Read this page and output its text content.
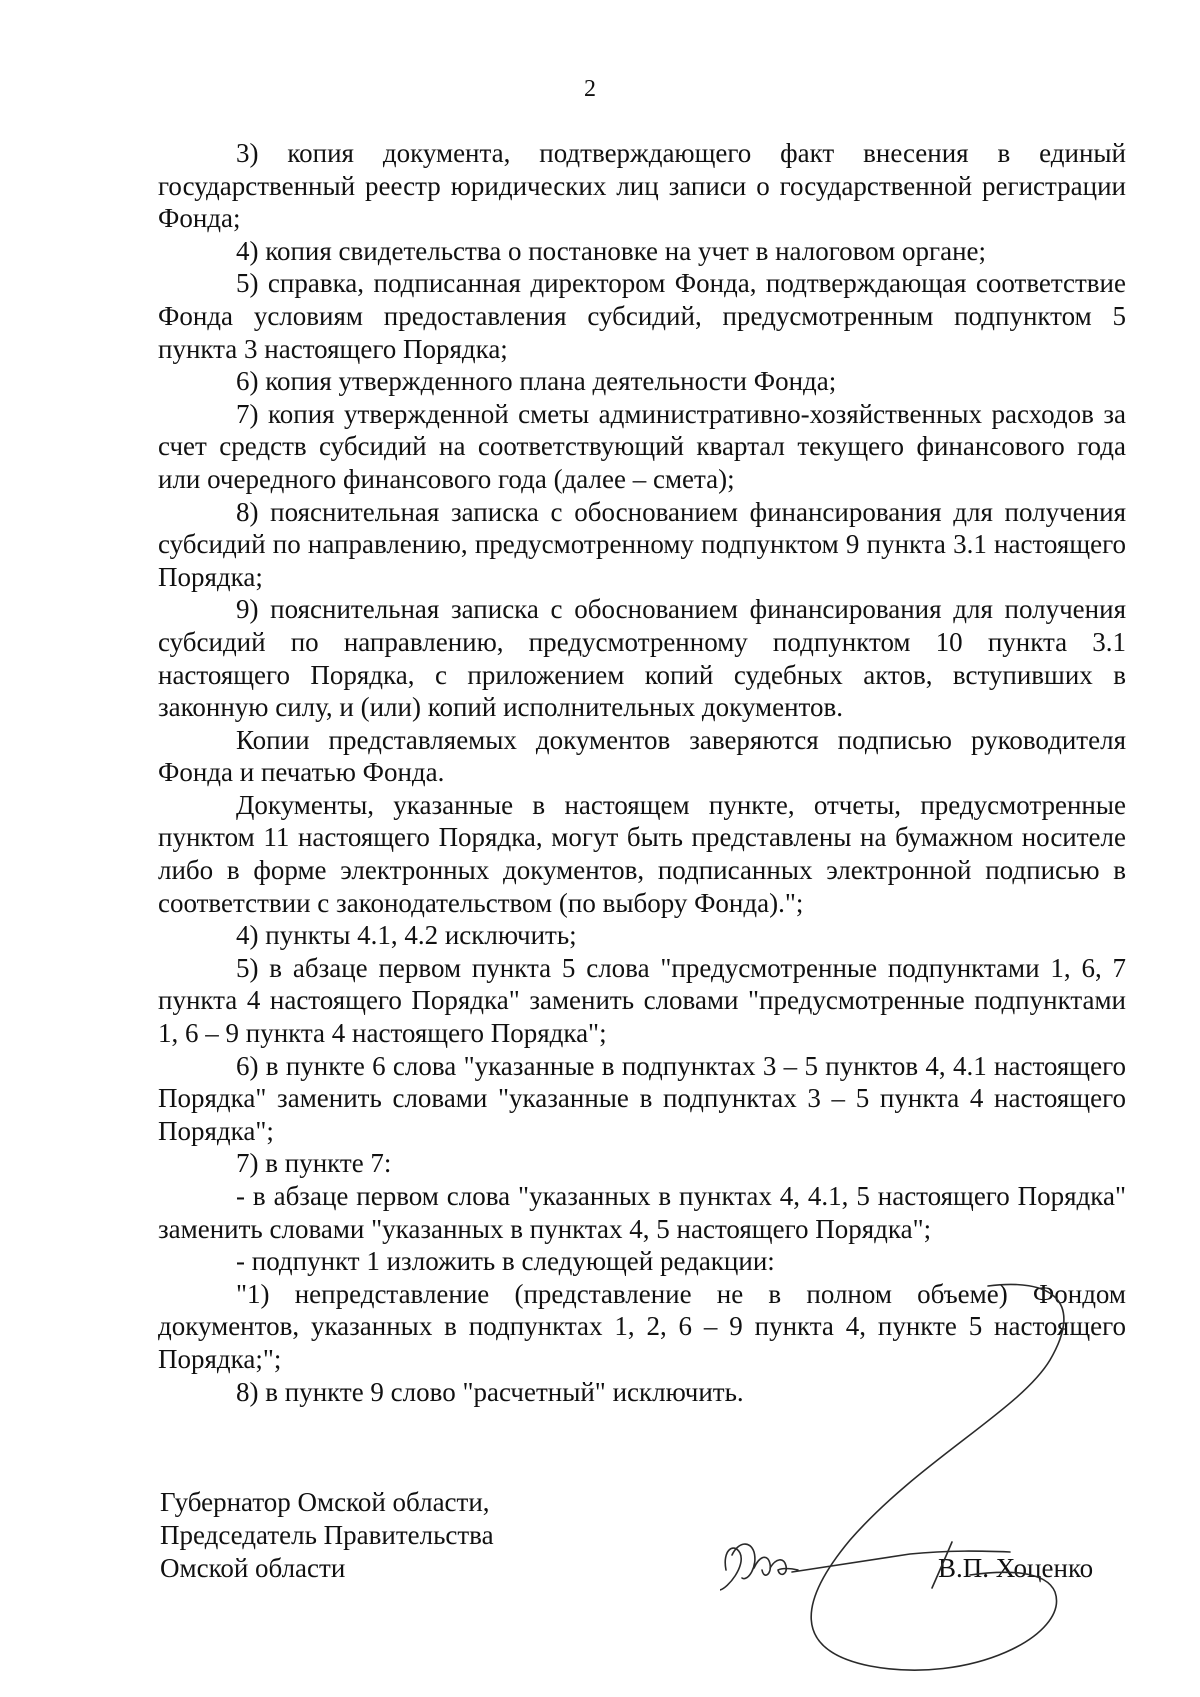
2

3) копия документа, подтверждающего факт внесения в единый государственный реестр юридических лиц записи о государственной регистрации Фонда;

4) копия свидетельства о постановке на учет в налоговом органе;

5) справка, подписанная директором Фонда, подтверждающая соответствие Фонда условиям предоставления субсидий, предусмотренным подпунктом 5 пункта 3 настоящего Порядка;

6) копия утвержденного плана деятельности Фонда;

7) копия утвержденной сметы административно-хозяйственных расходов за счет средств субсидий на соответствующий квартал текущего финансового года или очередного финансового года (далее – смета);

8) пояснительная записка с обоснованием финансирования для получения субсидий по направлению, предусмотренному подпунктом 9 пункта 3.1 настоящего Порядка;

9) пояснительная записка с обоснованием финансирования для получения субсидий по направлению, предусмотренному подпунктом 10 пункта 3.1 настоящего Порядка, с приложением копий судебных актов, вступивших в законную силу, и (или) копий исполнительных документов.

Копии представляемых документов заверяются подписью руководителя Фонда и печатью Фонда.

Документы, указанные в настоящем пункте, отчеты, предусмотренные пунктом 11 настоящего Порядка, могут быть представлены на бумажном носителе либо в форме электронных документов, подписанных электронной подписью в соответствии с законодательством (по выбору Фонда).";

4) пункты 4.1, 4.2 исключить;

5) в абзаце первом пункта 5 слова "предусмотренные подпунктами 1, 6, 7 пункта 4 настоящего Порядка" заменить словами "предусмотренные подпунктами 1, 6 – 9 пункта 4 настоящего Порядка";

6) в пункте 6 слова "указанные в подпунктах 3 – 5 пунктов 4, 4.1 настоящего Порядка" заменить словами "указанные в подпунктах 3 – 5 пункта 4 настоящего Порядка";

7) в пункте 7:

- в абзаце первом слова "указанных в пунктах 4, 4.1, 5 настоящего Порядка" заменить словами "указанных в пунктах 4, 5 настоящего Порядка";

- подпункт 1 изложить в следующей редакции:

"1) непредставление (представление не в полном объеме) Фондом документов, указанных в подпунктах 1, 2, 6 – 9 пункта 4, пункте 5 настоящего Порядка;";

8) в пункте 9 слово "расчетный" исключить.

Губернатор Омской области,
Председатель Правительства
Омской области	В.П. Хоценко
